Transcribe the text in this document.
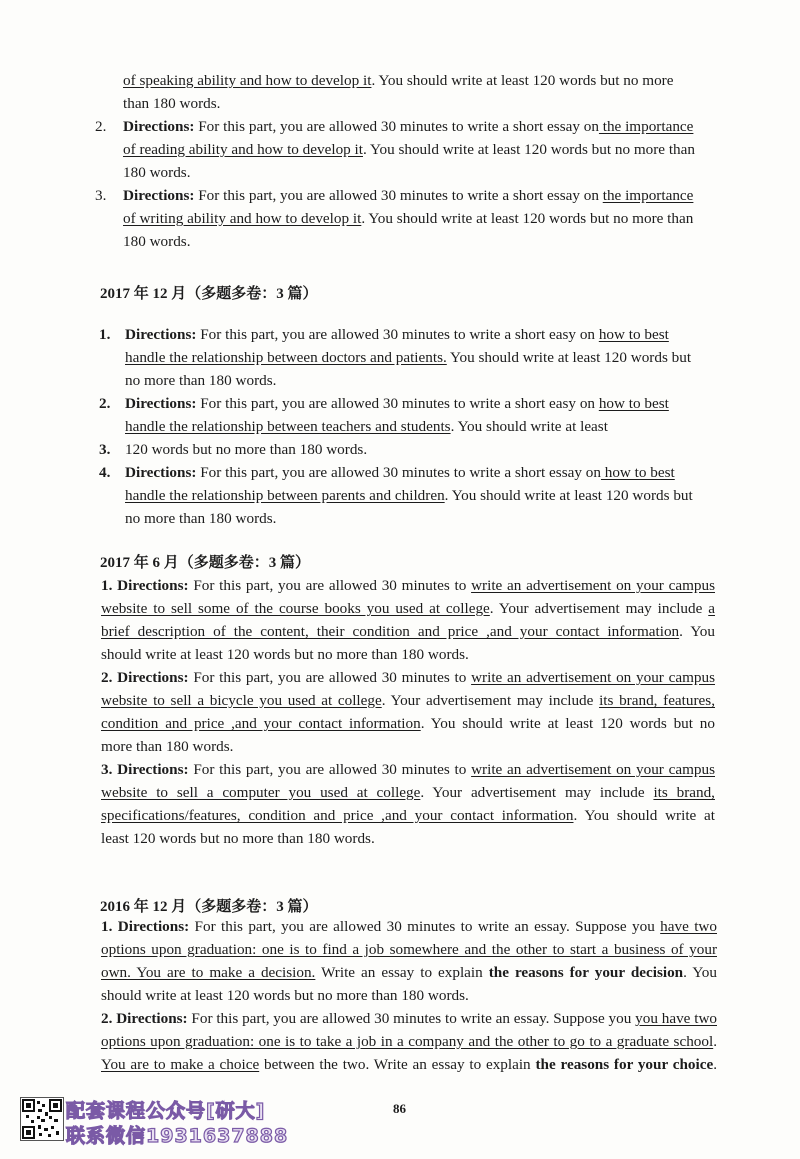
of speaking ability and how to develop it. You should write at least 120 words but no more
than 180 words.
2. Directions: For this part, you are allowed 30 minutes to write a short essay on the importance
of reading ability and how to develop it. You should write at least 120 words but no more than
180 words.
3. Directions: For this part, you are allowed 30 minutes to write a short essay on the importance
of writing ability and how to develop it. You should write at least 120 words but no more than
180 words.
2017 年 12 月（多题多卷：3 篇）
1. Directions: For this part, you are allowed 30 minutes to write a short easy on how to best
handle the relationship between doctors and patients. You should write at least 120 words but
no more than 180 words.
2. Directions: For this part, you are allowed 30 minutes to write a short easy on how to best
handle the relationship between teachers and students. You should write at least
3. 120 words but no more than 180 words.
4. Directions: For this part, you are allowed 30 minutes to write a short essay on how to best
handle the relationship between parents and children. You should write at least 120 words but
no more than 180 words.
2017 年 6 月（多题多卷：3 篇）
1. Directions: For this part, you are allowed 30 minutes to write an advertisement on your campus
website to sell some of the course books you used at college. Your advertisement may include a
brief description of the content, their condition and price ,and your contact information. You
should write at least 120 words but no more than 180 words.
2. Directions: For this part, you are allowed 30 minutes to write an advertisement on your campus
website to sell a bicycle you used at college. Your advertisement may include its brand, features,
condition and price ,and your contact information. You should write at least 120 words but no
more than 180 words.
3. Directions: For this part, you are allowed 30 minutes to write an advertisement on your campus
website to sell a computer you used at college. Your advertisement may include its brand,
specifications/features, condition and price ,and your contact information. You should write at
least 120 words but no more than 180 words.
2016 年 12 月（多题多卷：3 篇）
1. Directions: For this part, you are allowed 30 minutes to write an essay. Suppose you have two
options upon graduation: one is to find a job somewhere and the other to start a business of your
own. You are to make a decision. Write an essay to explain the reasons for your decision. You
should write at least 120 words but no more than 180 words.
2. Directions: For this part, you are allowed 30 minutes to write an essay. Suppose you you have two
options upon graduation: one is to take a job in a company and the other to go to a graduate school.
You are to make a choice between the two. Write an essay to explain the reasons for your choice.
配套课程公众号[研大]
联系微信1931637888
86
